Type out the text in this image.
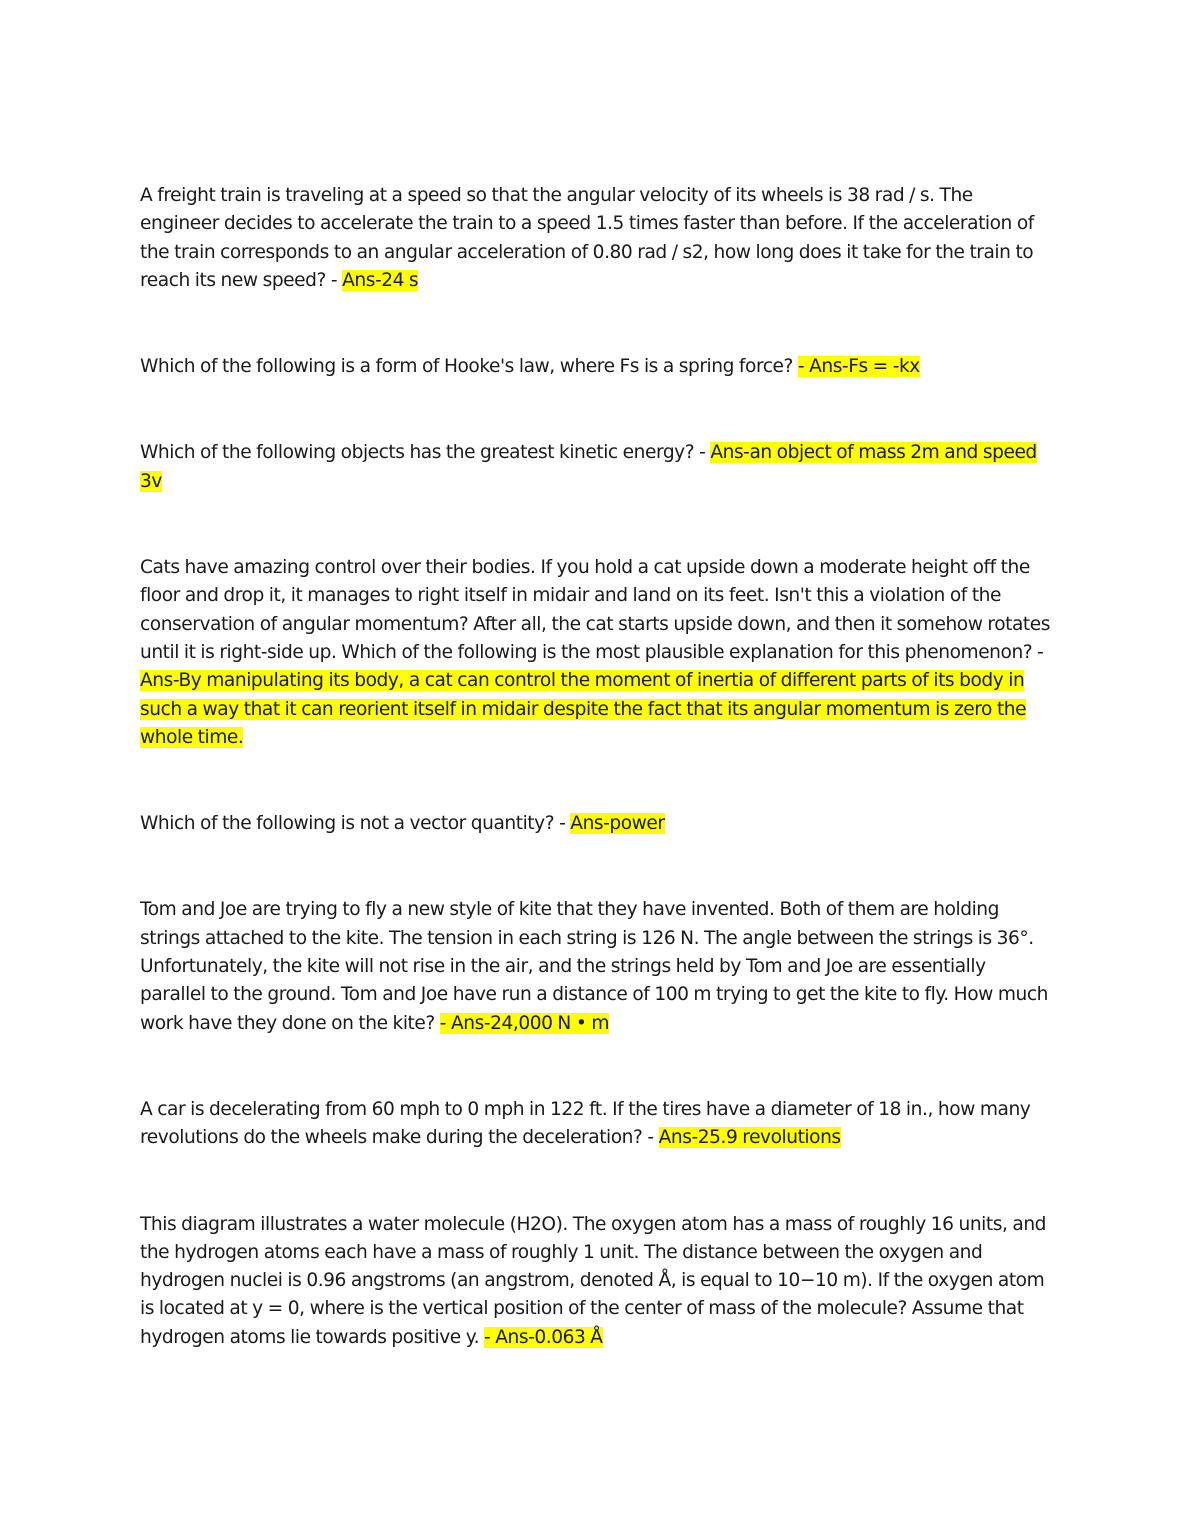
A freight train is traveling at a speed so that the angular velocity of its wheels is 38 rad / s. The engineer decides to accelerate the train to a speed 1.5 times faster than before. If the acceleration of the train corresponds to an angular acceleration of 0.80 rad / s2, how long does it take for the train to reach its new speed? - Ans-24 s

Which of the following is a form of Hooke's law, where Fs is a spring force? - Ans-Fs = -kx

Which of the following objects has the greatest kinetic energy? - Ans-an object of mass 2m and speed 3v

Cats have amazing control over their bodies. If you hold a cat upside down a moderate height off the floor and drop it, it manages to right itself in midair and land on its feet. Isn't this a violation of the conservation of angular momentum? After all, the cat starts upside down, and then it somehow rotates until it is right-side up. Which of the following is the most plausible explanation for this phenomenon? - Ans-By manipulating its body, a cat can control the moment of inertia of different parts of its body in such a way that it can reorient itself in midair despite the fact that its angular momentum is zero the whole time.

Which of the following is not a vector quantity? - Ans-power

Tom and Joe are trying to fly a new style of kite that they have invented. Both of them are holding strings attached to the kite. The tension in each string is 126 N. The angle between the strings is 36°. Unfortunately, the kite will not rise in the air, and the strings held by Tom and Joe are essentially parallel to the ground. Tom and Joe have run a distance of 100 m trying to get the kite to fly. How much work have they done on the kite? - Ans-24,000 N • m

A car is decelerating from 60 mph to 0 mph in 122 ft. If the tires have a diameter of 18 in., how many revolutions do the wheels make during the deceleration? - Ans-25.9 revolutions

This diagram illustrates a water molecule (H2O). The oxygen atom has a mass of roughly 16 units, and the hydrogen atoms each have a mass of roughly 1 unit. The distance between the oxygen and hydrogen nuclei is 0.96 angstroms (an angstrom, denoted Å, is equal to 10−10 m). If the oxygen atom is located at y = 0, where is the vertical position of the center of mass of the molecule? Assume that hydrogen atoms lie towards positive y. - Ans-0.063 Å
